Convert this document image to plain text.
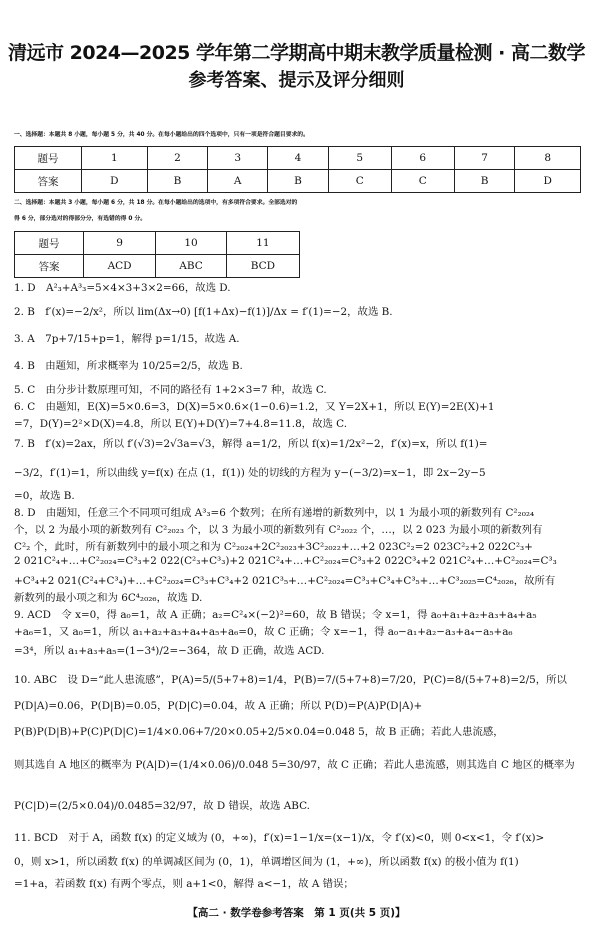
清远市 2024—2025 学年第二学期高中期末教学质量检测 · 高二数学
参考答案、提示及评分细则
一、选择题：本题共 8 小题，每小题 5 分，共 40 分。在每小题给出的四个选项中，只有一项是符合题目要求的。
题号	1	2	3	4	5	6	7	8
答案	D	B	A	B	C	C	B	D
二、选择题：本题共 3 小题，每小题 6 分，共 18 分。在每小题给出的选项中，有多项符合要求。全部选对的
得 6 分，部分选对的得部分分，有选错的得 0 分。
题号	9	10	11
答案	ACD	ABC	BCD
1. D　A²₃+A³₃=5×4×3+3×2=66，故选 D.
2. B　f′(x)=−2/x²，所以 lim(Δx→0) [f(1+Δx)−f(1)]/Δx = f′(1)=−2，故选 B.
3. A　7p+7/15+p=1，解得 p=1/15，故选 A.
4. B　由题知，所求概率为 10/25=2/5，故选 B.
5. C　由分步计数原理可知，不同的路径有 1+2×3=7 种，故选 C.
6. C　由题知，E(X)=5×0.6=3，D(X)=5×0.6×(1−0.6)=1.2，又 Y=2X+1，所以 E(Y)=2E(X)+1
=7，D(Y)=2²×D(X)=4.8，所以 E(Y)+D(Y)=7+4.8=11.8，故选 C.
7. B　f′(x)=2ax，所以 f′(√3)=2√3a=√3，解得 a=1/2，所以 f(x)=1/2x²−2，f′(x)=x，所以 f(1)=
−3/2，f′(1)=1，所以曲线 y=f(x) 在点 (1，f(1)) 处的切线的方程为 y−(−3/2)=x−1，即 2x−2y−5
=0，故选 B.
8. D　由题知，任意三个不同项可组成 A³₃=6 个数列；在所有递增的新数列中，以 1 为最小项的新数列有 C²₂₀₂₄
个，以 2 为最小项的新数列有 C²₂₀₂₃ 个，以 3 为最小项的新数列有 C²₂₀₂₂ 个，…，以 2 023 为最小项的新数列有
C²₂ 个，此时，所有新数列中的最小项之和为 C²₂₀₂₄+2C²₂₀₂₃+3C²₂₀₂₂+…+2 023C²₂=2 023C²₂+2 022C²₃+
2 021C²₄+…+C²₂₀₂₄=C³₃+2 022(C²₃+C³₃)+2 021C²₄+…+C²₂₀₂₄=C³₃+2 022C³₄+2 021C²₄+…+C²₂₀₂₄=C³₃
+C³₄+2 021(C²₄+C³₄)+…+C²₂₀₂₄=C³₃+C³₄+2 021C³₅+…+C²₂₀₂₄=C³₃+C³₄+C³₅+…+C³₂₀₂₅=C⁴₂₀₂₆，故所有
新数列的最小项之和为 6C⁴₂₀₂₆，故选 D.
9. ACD　令 x=0，得 a₀=1，故 A 正确；a₂=C²₄×(−2)²=60，故 B 错误；令 x=1，得 a₀+a₁+a₂+a₃+a₄+a₅
+a₆=1，又 a₀=1，所以 a₁+a₂+a₃+a₄+a₅+a₆=0，故 C 正确；令 x=−1，得 a₀−a₁+a₂−a₃+a₄−a₅+a₆
=3⁴，所以 a₁+a₃+a₅=(1−3⁴)/2=−364，故 D 正确，故选 ACD.
10. ABC　设 D=“此人患流感”，P(A)=5/(5+7+8)=1/4，P(B)=7/(5+7+8)=7/20，P(C)=8/(5+7+8)=2/5，所以
P(D|A)=0.06，P(D|B)=0.05，P(D|C)=0.04，故 A 正确；所以 P(D)=P(A)P(D|A)+
P(B)P(D|B)+P(C)P(D|C)=1/4×0.06+7/20×0.05+2/5×0.04=0.048 5，故 B 正确；若此人患流感，
则其选自 A 地区的概率为 P(A|D)=(1/4×0.06)/0.048 5=30/97，故 C 正确；若此人患流感，则其选自 C 地区的概率为
P(C|D)=(2/5×0.04)/0.0485=32/97，故 D 错误，故选 ABC.
11. BCD　对于 A，函数 f(x) 的定义域为 (0，+∞)，f′(x)=1−1/x=(x−1)/x，令 f′(x)<0，则 0<x<1，令 f′(x)>
0，则 x>1，所以函数 f(x) 的单调减区间为 (0，1)，单调增区间为 (1，+∞)，所以函数 f(x) 的极小值为 f(1)
=1+a，若函数 f(x) 有两个零点，则 a+1<0，解得 a<−1，故 A 错误；
【高二 · 数学卷参考答案　第 1 页(共 5 页)】
